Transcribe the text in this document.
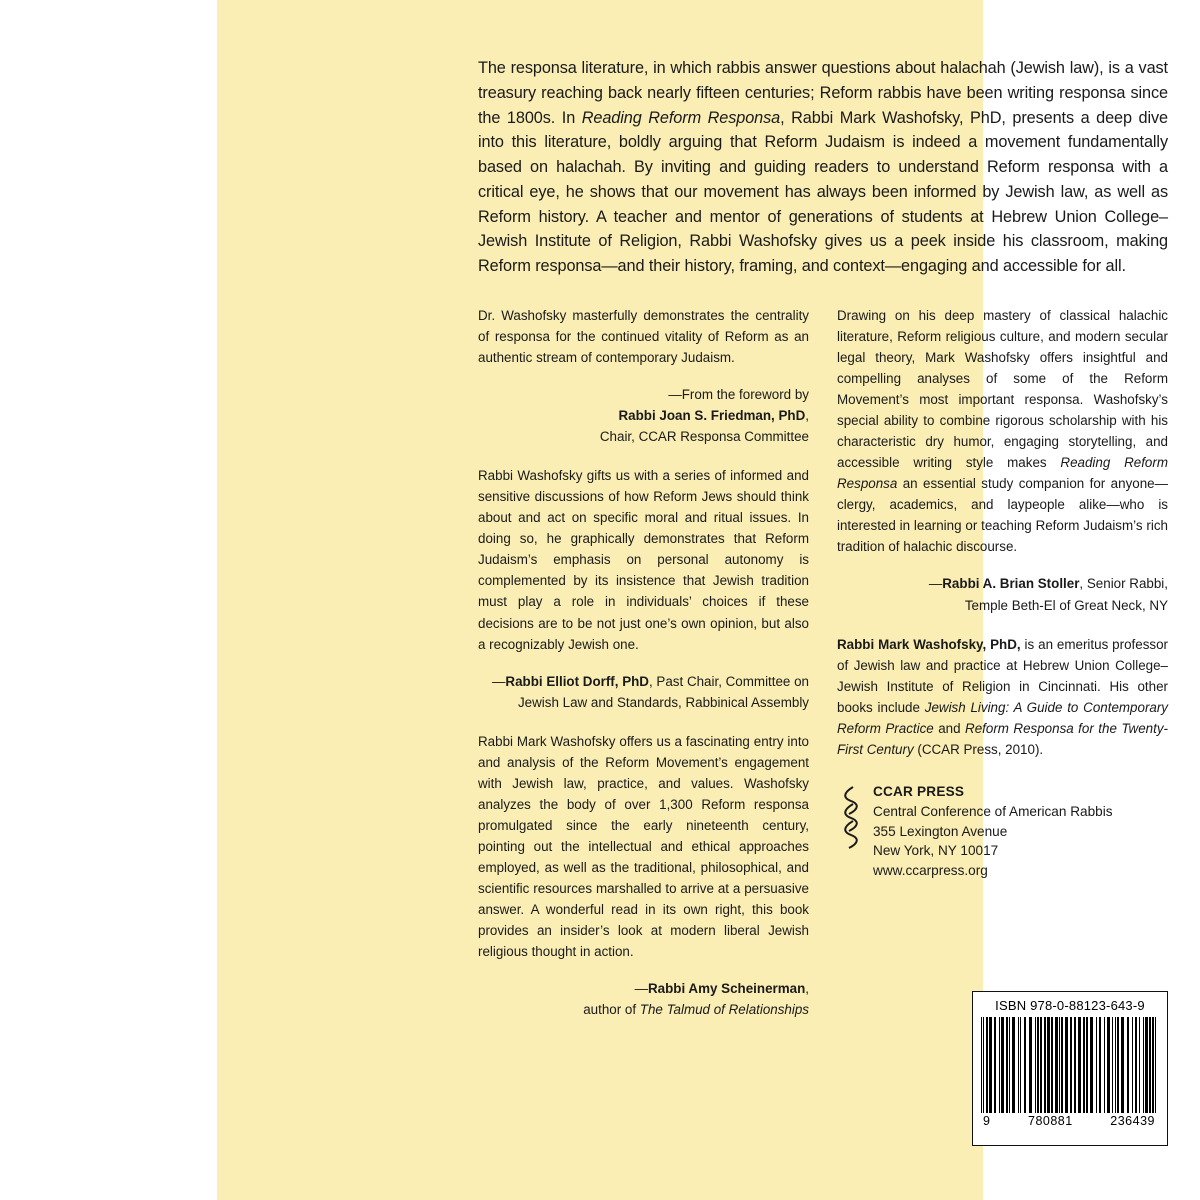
The responsa literature, in which rabbis answer questions about halachah (Jewish law), is a vast treasury reaching back nearly fifteen centuries; Reform rabbis have been writing responsa since the 1800s. In Reading Reform Responsa, Rabbi Mark Washofsky, PhD, presents a deep dive into this literature, boldly arguing that Reform Judaism is indeed a movement fundamentally based on halachah. By inviting and guiding readers to understand Reform responsa with a critical eye, he shows that our movement has always been informed by Jewish law, as well as Reform history. A teacher and mentor of generations of students at Hebrew Union College–Jewish Institute of Religion, Rabbi Washofsky gives us a peek inside his classroom, making Reform responsa—and their history, framing, and context—engaging and accessible for all.

Dr. Washofsky masterfully demonstrates the centrality of responsa for the continued vitality of Reform as an authentic stream of contemporary Judaism.

—From the foreword by
Rabbi Joan S. Friedman, PhD,
Chair, CCAR Responsa Committee

Rabbi Washofsky gifts us with a series of informed and sensitive discussions of how Reform Jews should think about and act on specific moral and ritual issues. In doing so, he graphically demonstrates that Reform Judaism’s emphasis on personal autonomy is complemented by its insistence that Jewish tradition must play a role in individuals’ choices if these decisions are to be not just one’s own opinion, but also a recognizably Jewish one.

—Rabbi Elliot Dorff, PhD, Past Chair, Committee on Jewish Law and Standards, Rabbinical Assembly

Rabbi Mark Washofsky offers us a fascinating entry into and analysis of the Reform Movement’s engagement with Jewish law, practice, and values. Washofsky analyzes the body of over 1,300 Reform responsa promulgated since the early nineteenth century, pointing out the intellectual and ethical approaches employed, as well as the traditional, philosophical, and scientific resources marshalled to arrive at a persuasive answer. A wonderful read in its own right, this book provides an insider’s look at modern liberal Jewish religious thought in action.

—Rabbi Amy Scheinerman,
author of The Talmud of Relationships

Drawing on his deep mastery of classical halachic literature, Reform religious culture, and modern secular legal theory, Mark Washofsky offers insightful and compelling analyses of some of the Reform Movement’s most important responsa. Washofsky’s special ability to combine rigorous scholarship with his characteristic dry humor, engaging storytelling, and accessible writing style makes Reading Reform Responsa an essential study companion for anyone—clergy, academics, and laypeople alike—who is interested in learning or teaching Reform Judaism’s rich tradition of halachic discourse.

—Rabbi A. Brian Stoller, Senior Rabbi,
Temple Beth-El of Great Neck, NY

Rabbi Mark Washofsky, PhD, is an emeritus professor of Jewish law and practice at Hebrew Union College–Jewish Institute of Religion in Cincinnati. His other books include Jewish Living: A Guide to Contemporary Reform Practice and Reform Responsa for the Twenty-First Century (CCAR Press, 2010).

CCAR PRESS
Central Conference of American Rabbis
355 Lexington Avenue
New York, NY 10017
www.ccarpress.org
ISBN 978-0-88123-643-9
9	780881	236439
